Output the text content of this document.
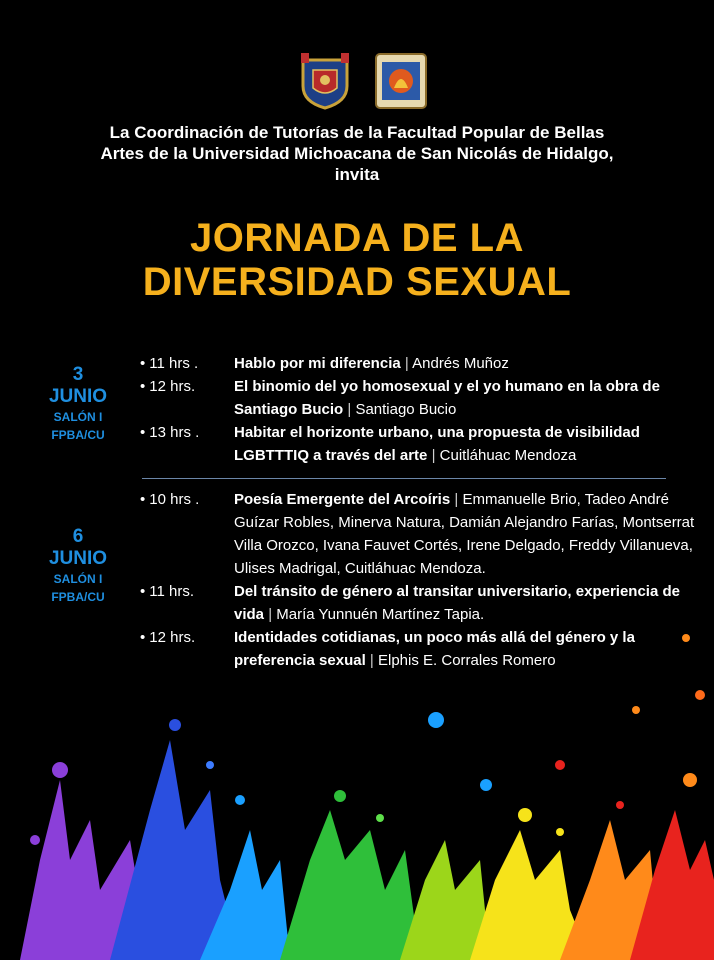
La Coordinación de Tutorías de la Facultad Popular de Bellas
Artes de la Universidad Michoacana de San Nicolás de Hidalgo,
invita
JORNADA DE LA
DIVERSIDAD SEXUAL
3
JUNIO
SALÓN I
FPBA/CU
• 11 hrs .	Hablo por mi diferencia | Andrés Muñoz
• 12 hrs.	El binomio del yo homosexual y el yo humano en la obra de Santiago Bucio | Santiago Bucio
• 13 hrs .	Habitar el horizonte urbano, una propuesta de visibilidad LGBTTTIQ a través del arte | Cuitláhuac Mendoza
6
JUNIO
SALÓN I
FPBA/CU
• 10 hrs .	Poesía Emergente del Arcoíris | Emmanuelle Brio, Tadeo André Guízar Robles, Minerva Natura, Damián Alejandro Farías, Montserrat Villa Orozco, Ivana Fauvet Cortés, Irene Delgado, Freddy Villanueva, Ulises Madrigal, Cuitláhuac Mendoza.
• 11 hrs.	Del tránsito de género al transitar universitario, experiencia de vida | María Yunnuén Martínez Tapia.
• 12 hrs.	Identidades cotidianas, un poco más allá del género y la preferencia sexual | Elphis E. Corrales Romero
